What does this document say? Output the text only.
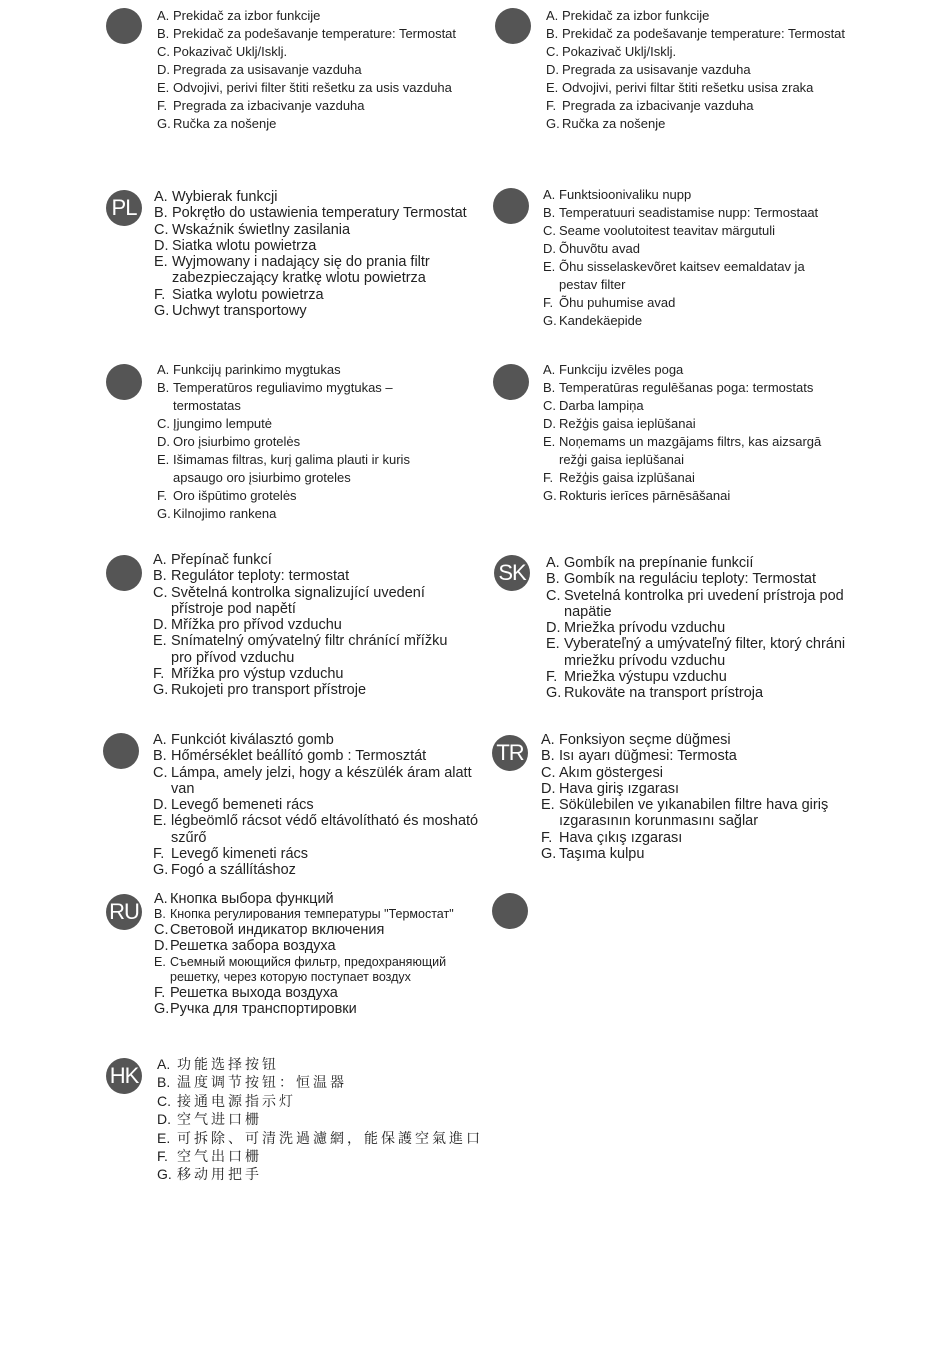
A. Prekidač za izbor funkcije
B. Prekidač za podešavanje temperature: Termostat
C. Pokazivač Uklj/Isklj.
D. Pregrada za usisavanje vazduha
E. Odvojivi, perivi filter štiti rešetku za usis vazduha
F. Pregrada za izbacivanje vazduha
G. Ručka za nošenje
A. Prekidač za izbor funkcije
B. Prekidač za podešavanje temperature: Termostat
C. Pokazivač Uklj/Isklj.
D. Pregrada za usisavanje vazduha
E. Odvojivi, perivi filtar štiti rešetku usisa zraka
F. Pregrada za izbacivanje vazduha
G. Ručka za nošenje
PL	A. Wybierak funkcji
B. Pokrętło do ustawienia temperatury Termostat
C. Wskaźnik świetlny zasilania
D. Siatka wlotu powietrza
E. Wyjmowany i nadający się do prania filtr zabezpieczający kratkę wlotu powietrza
F. Siatka wylotu powietrza
G. Uchwyt transportowy
A. Funktsioonivaliku nupp
B. Temperatuuri seadistamise nupp: Termostaat
C. Seame voolutoitest teavitav märgutuli
D. Õhuvõtu avad
E. Õhu sisselaskevõret kaitsev eemaldatav ja pestav filter
F. Õhu puhumise avad
G. Kandekäepide
A. Funkcijų parinkimo mygtukas
B. Temperatūros reguliavimo mygtukas – termostatas
C. Įjungimo lemputė
D. Oro įsiurbimo grotelės
E. Išimamas filtras, kurį galima plauti ir kuris apsaugo oro įsiurbimo groteles
F. Oro išpūtimo grotelės
G. Kilnojimo rankena
A. Funkciju izvēles poga
B. Temperatūras regulēšanas poga: termostats
C. Darba lampiņa
D. Režģis gaisa ieplūšanai
E. Noņemams un mazgājams filtrs, kas aizsargā režģi gaisa ieplūšanai
F. Režģis gaisa izplūšanai
G. Rokturis ierīces pārnēsāšanai
A. Přepínač funkcí
B. Regulátor teploty: termostat
C. Světelná kontrolka signalizující uvedení přístroje pod napětí
D. Mřížka pro přívod vzduchu
E. Snímatelný omývatelný filtr chránící mřížku pro přívod vzduchu
F. Mřížka pro výstup vzduchu
G. Rukojeti pro transport přístroje
SK A. Gombík na prepínanie funkcií
B. Gombík na reguláciu teploty: Termostat
C. Svetelná kontrolka pri uvedení prístroja pod napätie
D. Mriežka prívodu vzduchu
E. Vyberateľný a umývateľný filter, ktorý chráni mriežku prívodu vzduchu
F. Mriežka výstupu vzduchu
G. Rukoväte na transport prístroja
A. Funkciót kiválasztó gomb
B. Hőmérséklet beállító gomb : Termosztát
C. Lámpa, amely jelzi, hogy a készülék áram alatt van
D. Levegő bemeneti rács
E. légbeömlő rácsot védő eltávolítható és mosható szűrő
F. Levegő kimeneti rács
G. Fogó a szállításhoz
TR A. Fonksiyon seçme düğmesi
B. Isı ayarı düğmesi: Termosta
C. Akım göstergesi
D. Hava giriş ızgarası
E. Sökülebilen ve yıkanabilen filtre hava giriş ızgarasının korunmasını sağlar
F. Hava çıkış ızgarası
G. Taşıma kulpu
RU A. Кнопка выбора функций
B. Кнопка регулирования температуры "Термостат"
C. Световой индикатор включения
D. Решетка забора воздуха
E. Съемный моющийся фильтр, предохраняющий решетку, через которую поступает воздух
F. Решетка выхода воздуха
G. Ручка для транспортировки
HK A. 功能选择按钮
B. 温度调节按钮：恒温器
C. 接通电源指示灯
D. 空气进口栅
E. 可拆除、可清洗過濾網，能保護空氣進口
F. 空气出口栅
G. 移动用把手
